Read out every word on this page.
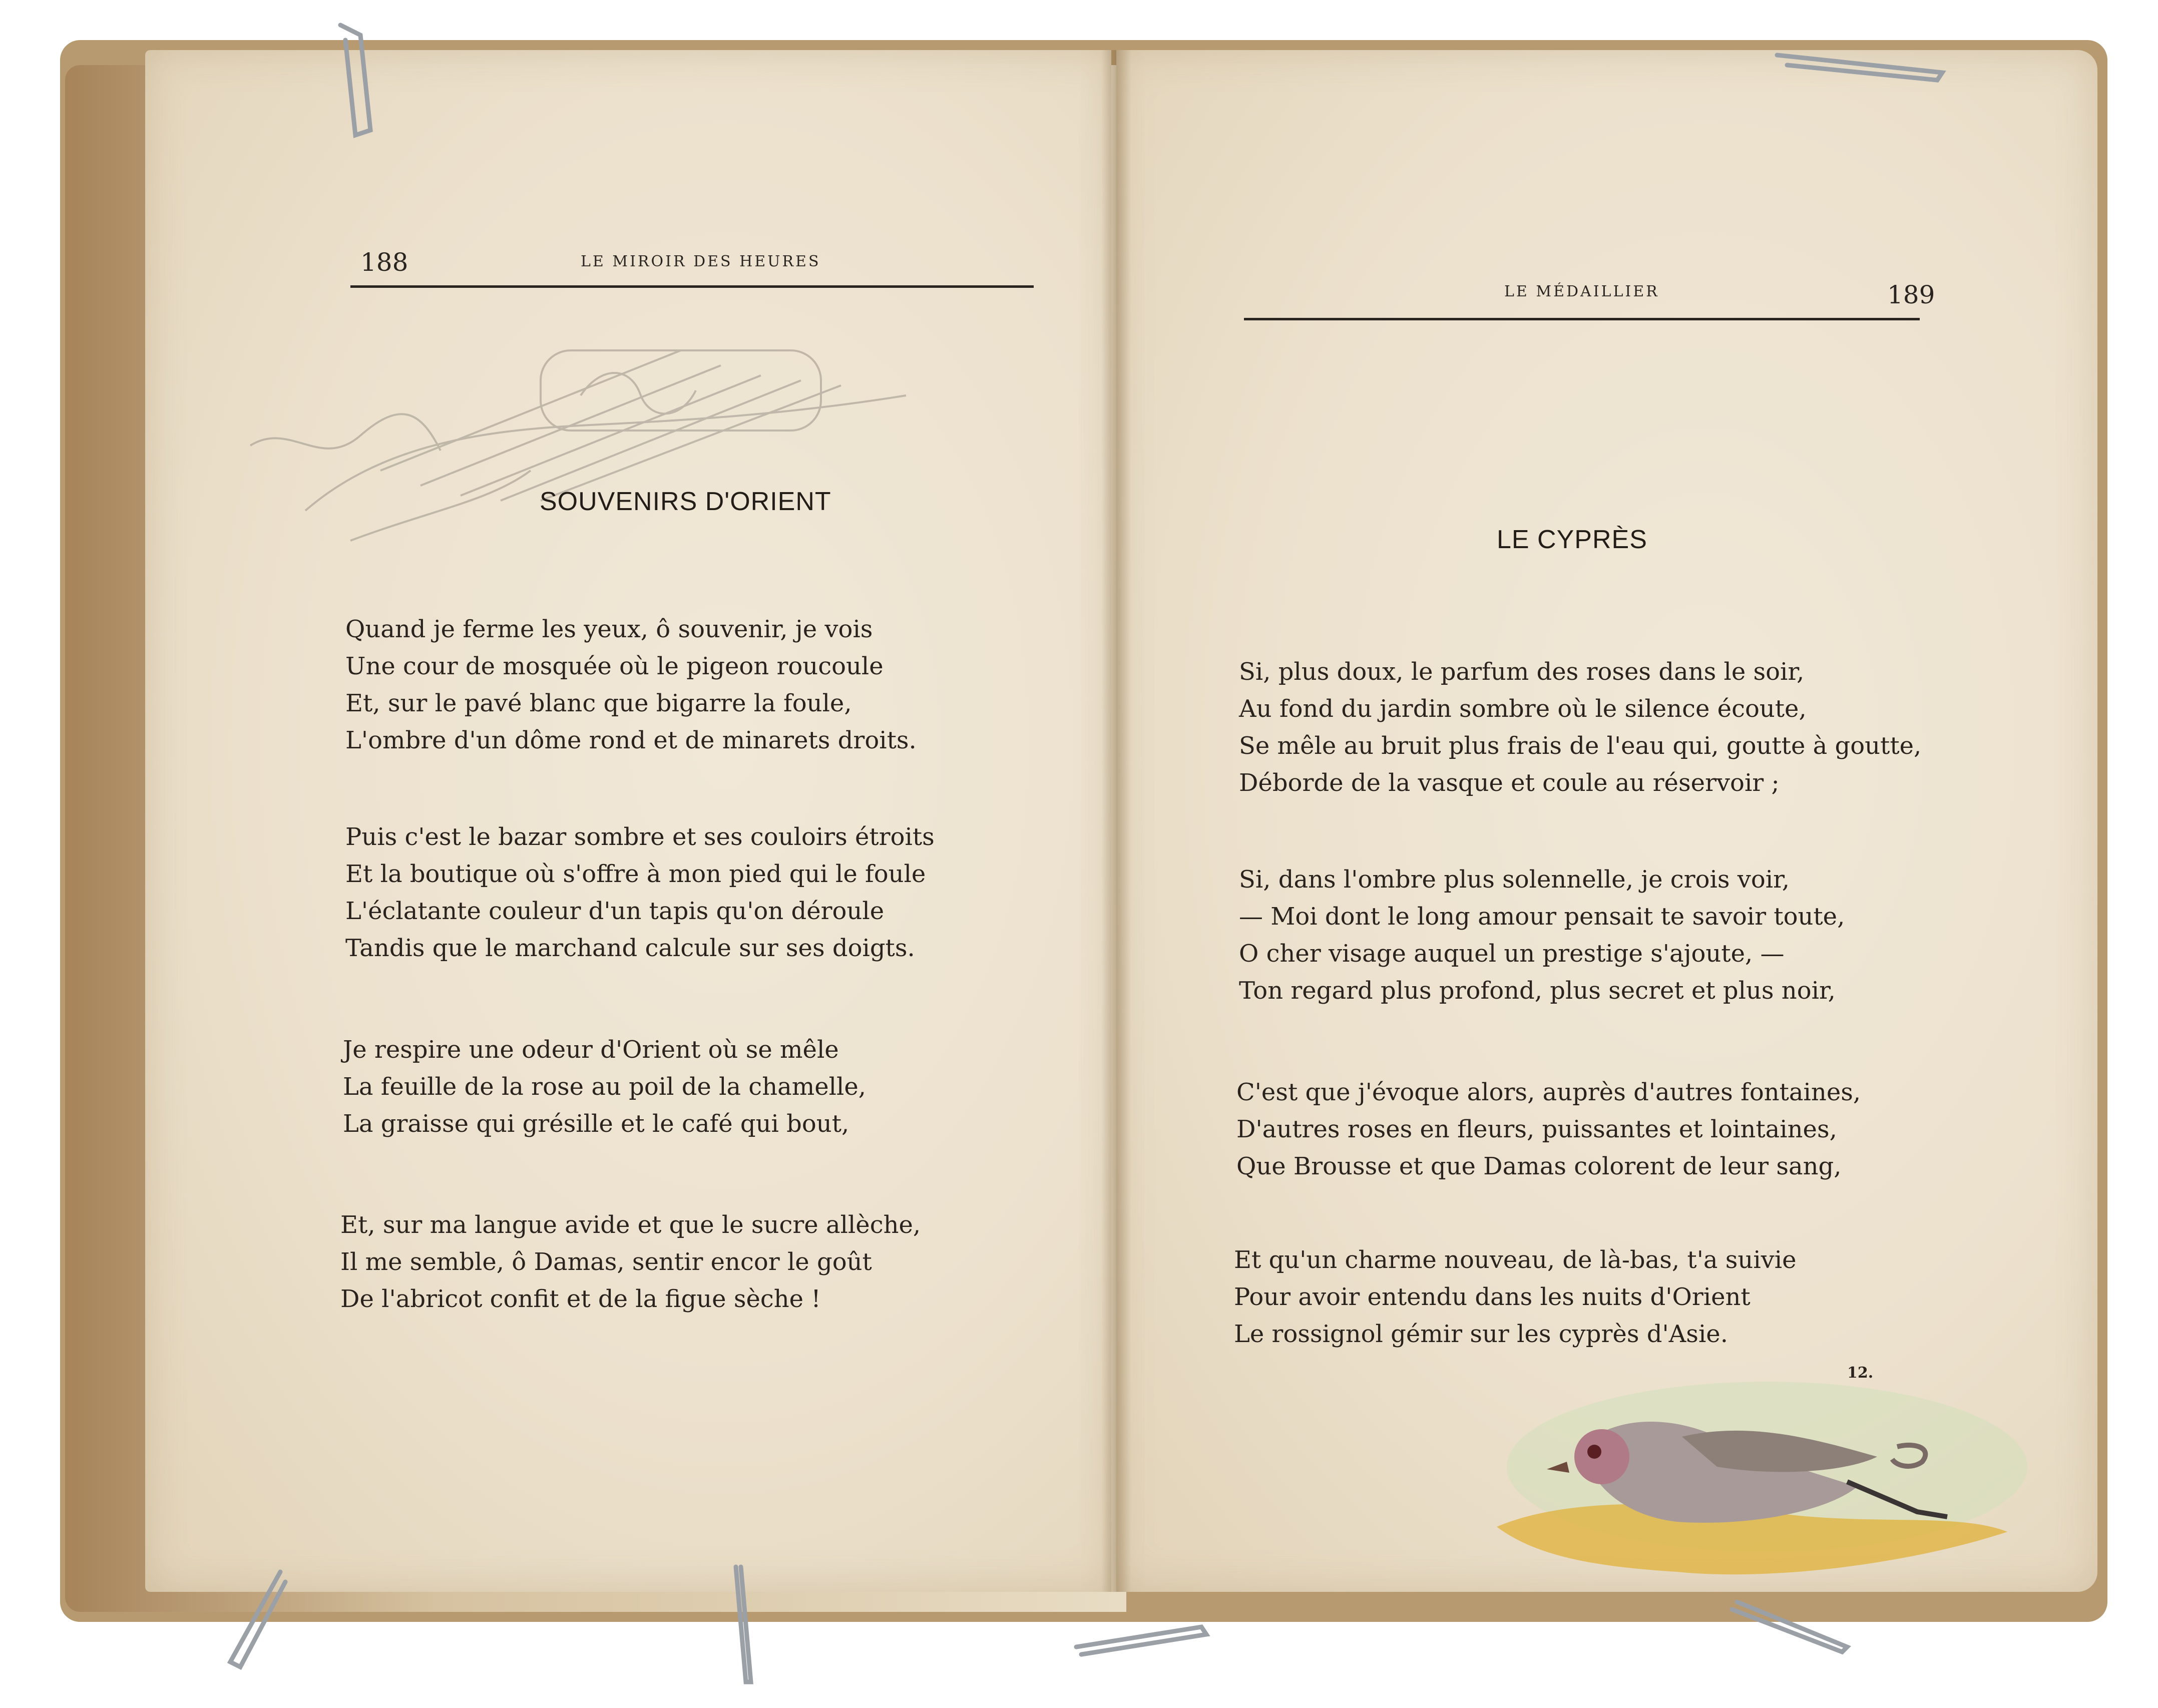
188	LE MIROIR DES HEURES
SOUVENIRS D'ORIENT
Quand je ferme les yeux, ô souvenir, je vois
Une cour de mosquée où le pigeon roucoule
Et, sur le pavé blanc que bigarre la foule,
L'ombre d'un dôme rond et de minarets droits.
Puis c'est le bazar sombre et ses couloirs étroits
Et la boutique où s'offre à mon pied qui le foule
L'éclatante couleur d'un tapis qu'on déroule
Tandis que le marchand calcule sur ses doigts.
Je respire une odeur d'Orient où se mêle
La feuille de la rose au poil de la chamelle,
La graisse qui grésille et le café qui bout,
Et, sur ma langue avide et que le sucre allèche,
Il me semble, ô Damas, sentir encor le goût
De l'abricot confit et de la figue sèche !
LE MÉDAILLIER	189
LE CYPRÈS
Si, plus doux, le parfum des roses dans le soir,
Au fond du jardin sombre où le silence écoute,
Se mêle au bruit plus frais de l'eau qui, goutte à goutte,
Déborde de la vasque et coule au réservoir ;
Si, dans l'ombre plus solennelle, je crois voir,
— Moi dont le long amour pensait te savoir toute,
O cher visage auquel un prestige s'ajoute, —
Ton regard plus profond, plus secret et plus noir,
C'est que j'évoque alors, auprès d'autres fontaines,
D'autres roses en fleurs, puissantes et lointaines,
Que Brousse et que Damas colorent de leur sang,
Et qu'un charme nouveau, de là-bas, t'a suivie
Pour avoir entendu dans les nuits d'Orient
Le rossignol gémir sur les cyprès d'Asie.
12.
